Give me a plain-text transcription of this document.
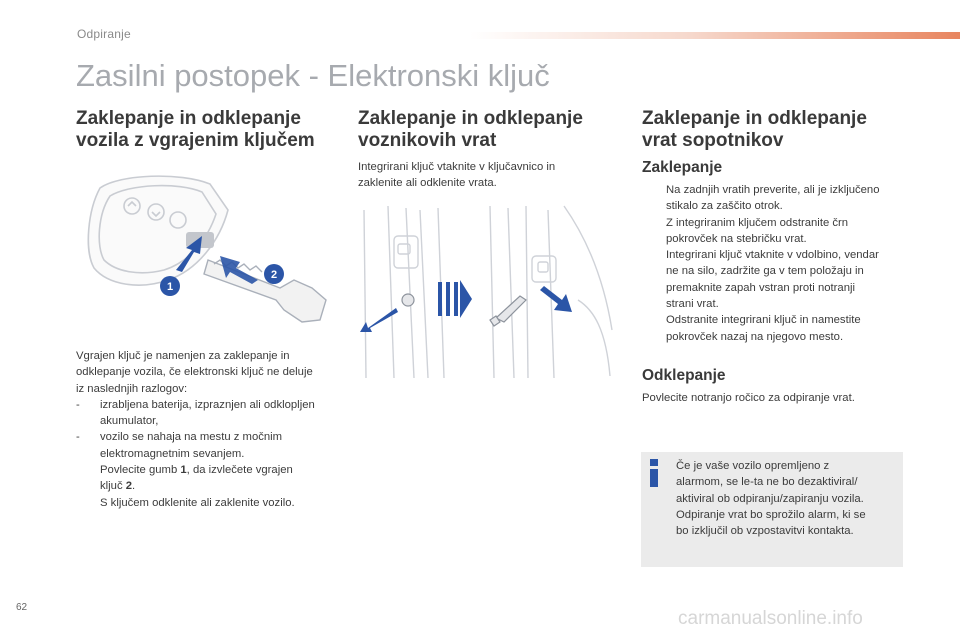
Odpiranje
Zasilni postopek - Elektronski ključ
Zaklepanje in odklepanje
vozila z vgrajenim ključem
1
2
Vgrajen ključ je namenjen za zaklepanje in
odklepanje vozila, če elektronski ključ ne deluje
iz naslednjih razlogov:
-	izrabljena baterija, izpraznjen ali odklopljen
akumulator,
-	vozilo se nahaja na mestu z močnim
elektromagnetnim sevanjem.
Povlecite gumb 1, da izvlečete vgrajen
ključ 2.
S ključem odklenite ali zaklenite vozilo.
Zaklepanje in odklepanje
voznikovih vrat
Integrirani ključ vtaknite v ključavnico in
zaklenite ali odklenite vrata.
Zaklepanje in odklepanje
vrat sopotnikov
Zaklepanje
Na zadnjih vratih preverite, ali je izključeno
stikalo za zaščito otrok.
Z integriranim ključem odstranite črn
pokrovček na stebričku vrat.
Integrirani ključ vtaknite v vdolbino, vendar
ne na silo, zadržite ga v tem položaju in
premaknite zapah vstran proti notranji
strani vrat.
Odstranite integrirani ključ in namestite
pokrovček nazaj na njegovo mesto.
Odklepanje
Povlecite notranjo ročico za odpiranje vrat.
Če je vaše vozilo opremljeno z
alarmom, se le-ta ne bo dezaktiviral/
aktiviral ob odpiranju/zapiranju vozila.
Odpiranje vrat bo sprožilo alarm, ki se
bo izključil ob vzpostavitvi kontakta.
62
carmanualsonline.info
